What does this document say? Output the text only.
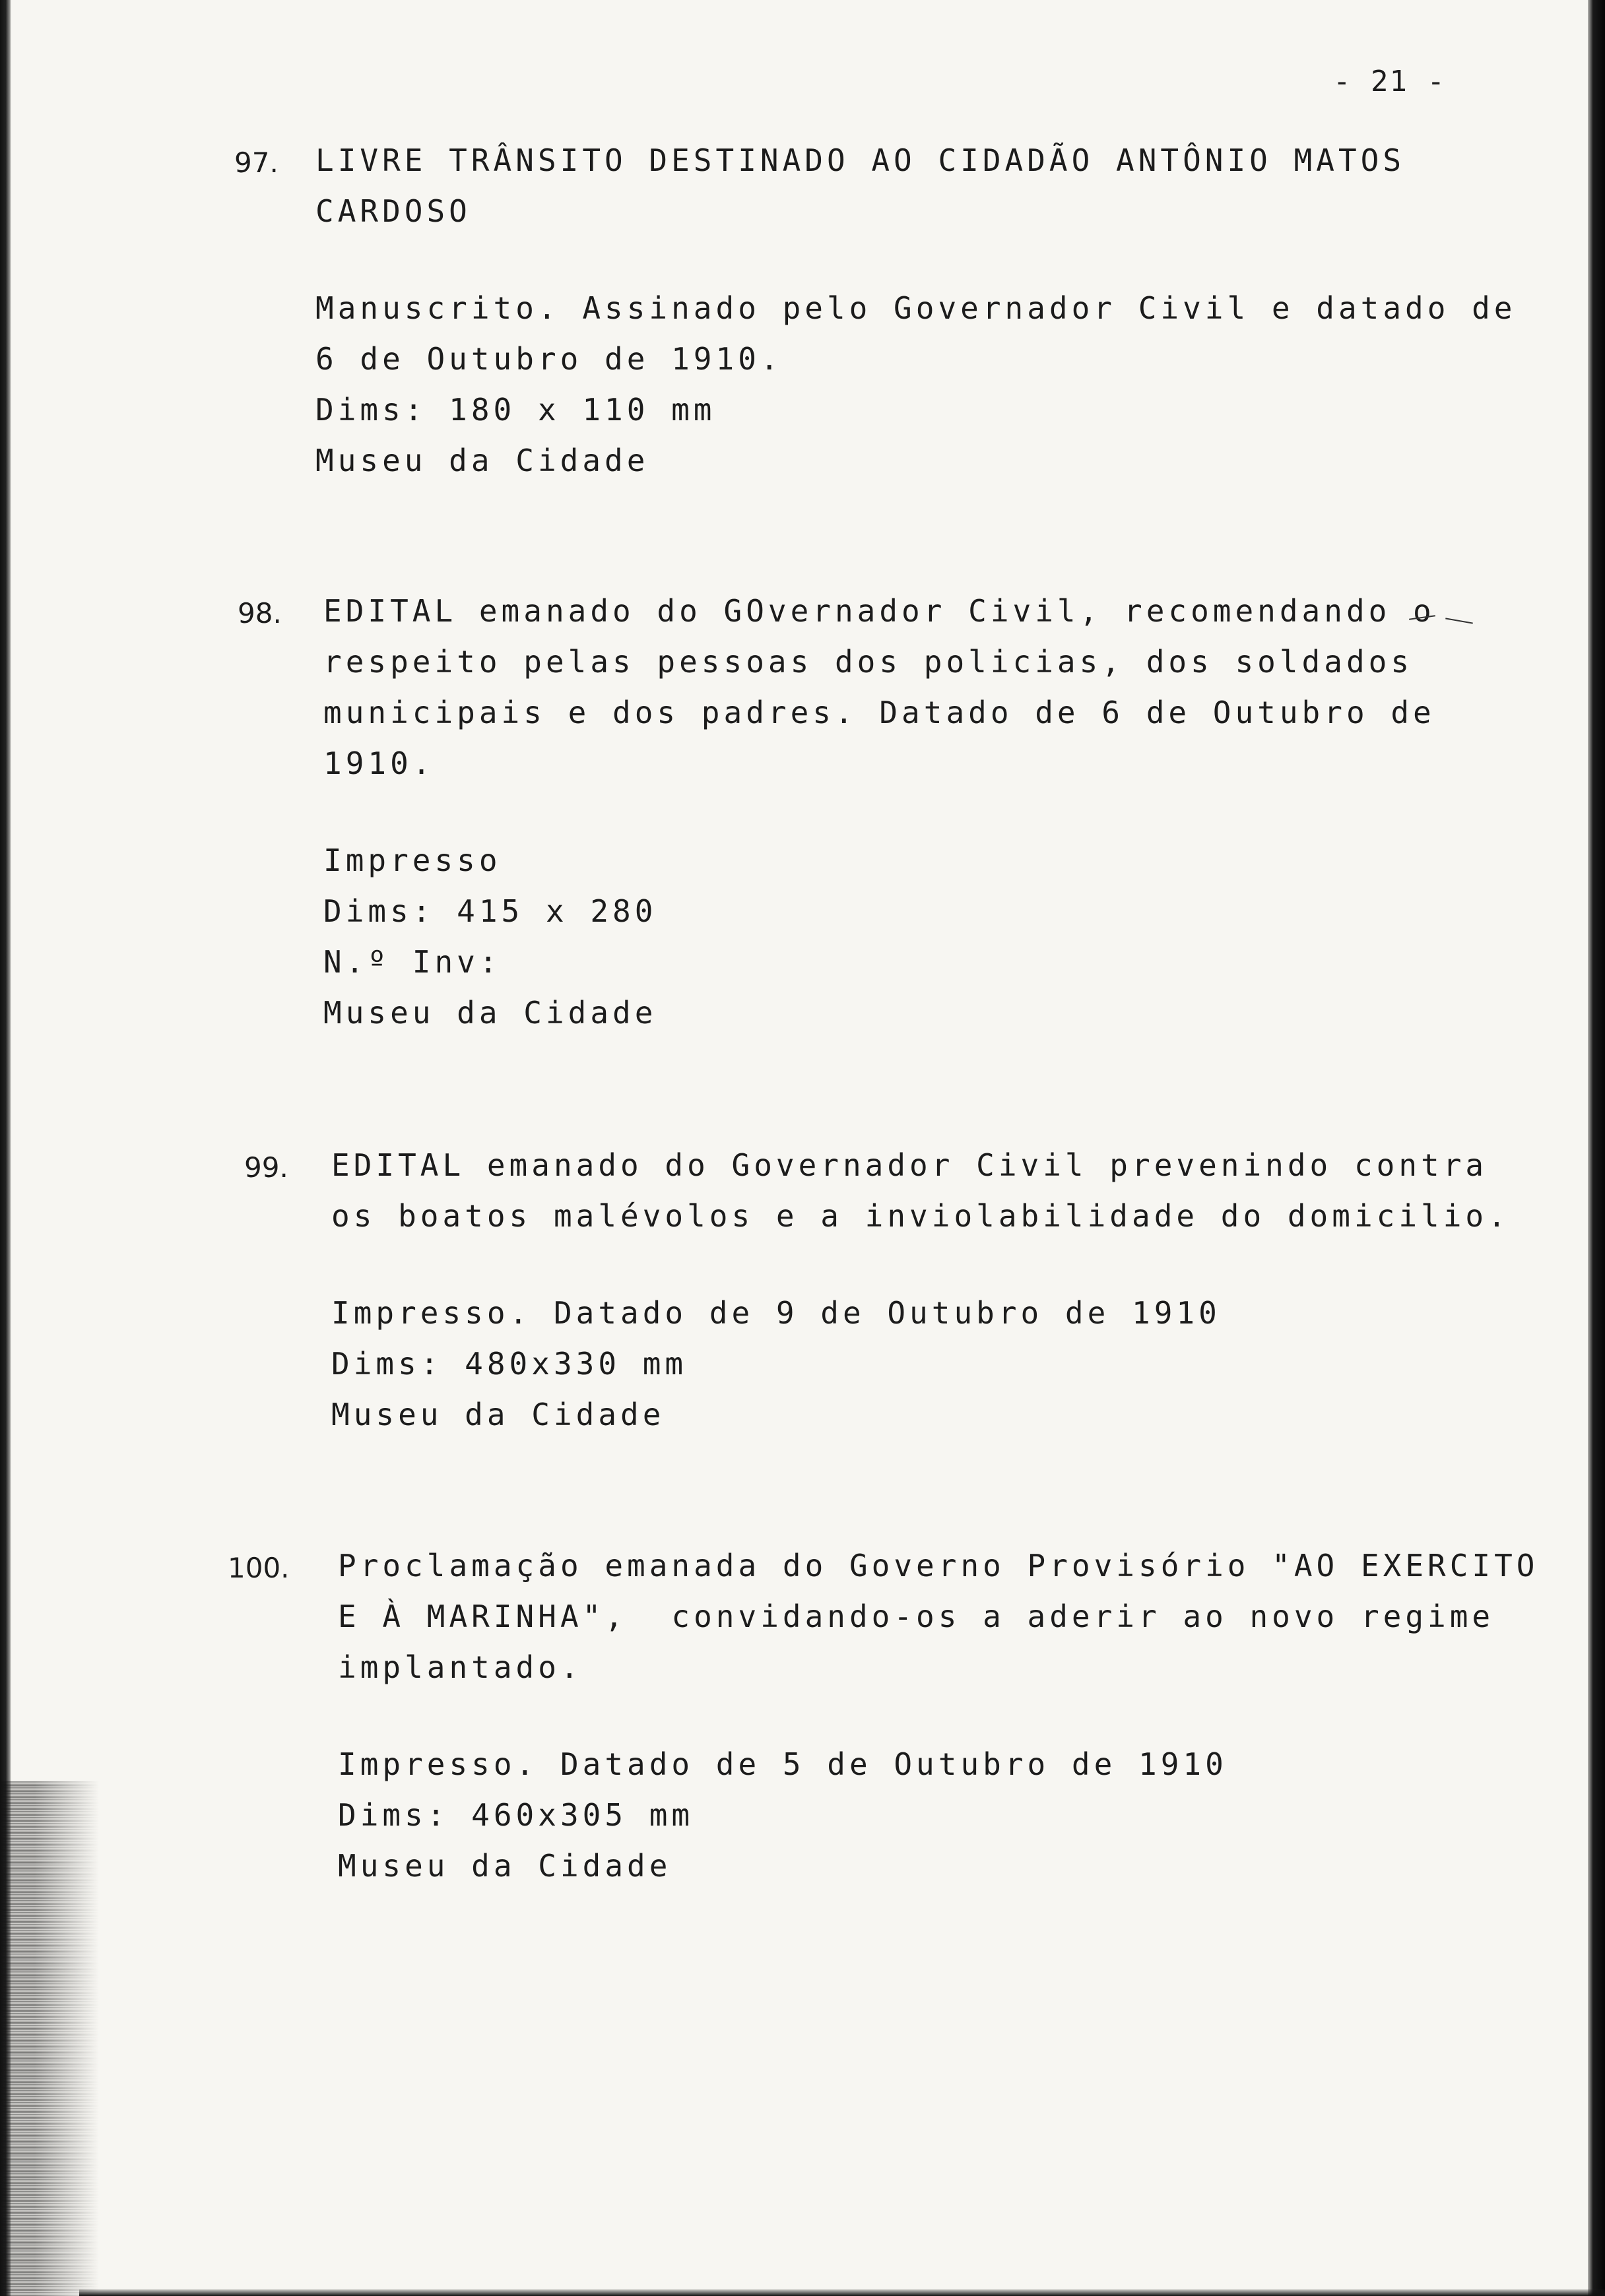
- 21 -
97. LIVRE TRÂNSITO DESTINADO AO CIDADÃO ANTÔNIO MATOS
CARDOSO
Manuscrito. Assinado pelo Governador Civil e datado de
6 de Outubro de 1910.
Dims: 180 x 110 mm
Museu da Cidade
98. EDITAL emanado do GOvernador Civil, recomendando o
respeito pelas pessoas dos policias, dos soldados
municipais e dos padres. Datado de 6 de Outubro de
1910.
Impresso
Dims: 415 x 280
N.º Inv:
Museu da Cidade
99. EDITAL emanado do Governador Civil prevenindo contra
os boatos malévolos e a inviolabilidade do domicilio.
Impresso. Datado de 9 de Outubro de 1910
Dims: 480x330 mm
Museu da Cidade
100. Proclamação emanada do Governo Provisório "AO EXERCITO
E À MARINHA",  convidando-os a aderir ao novo regime
implantado.
Impresso. Datado de 5 de Outubro de 1910
Dims: 460x305 mm
Museu da Cidade
